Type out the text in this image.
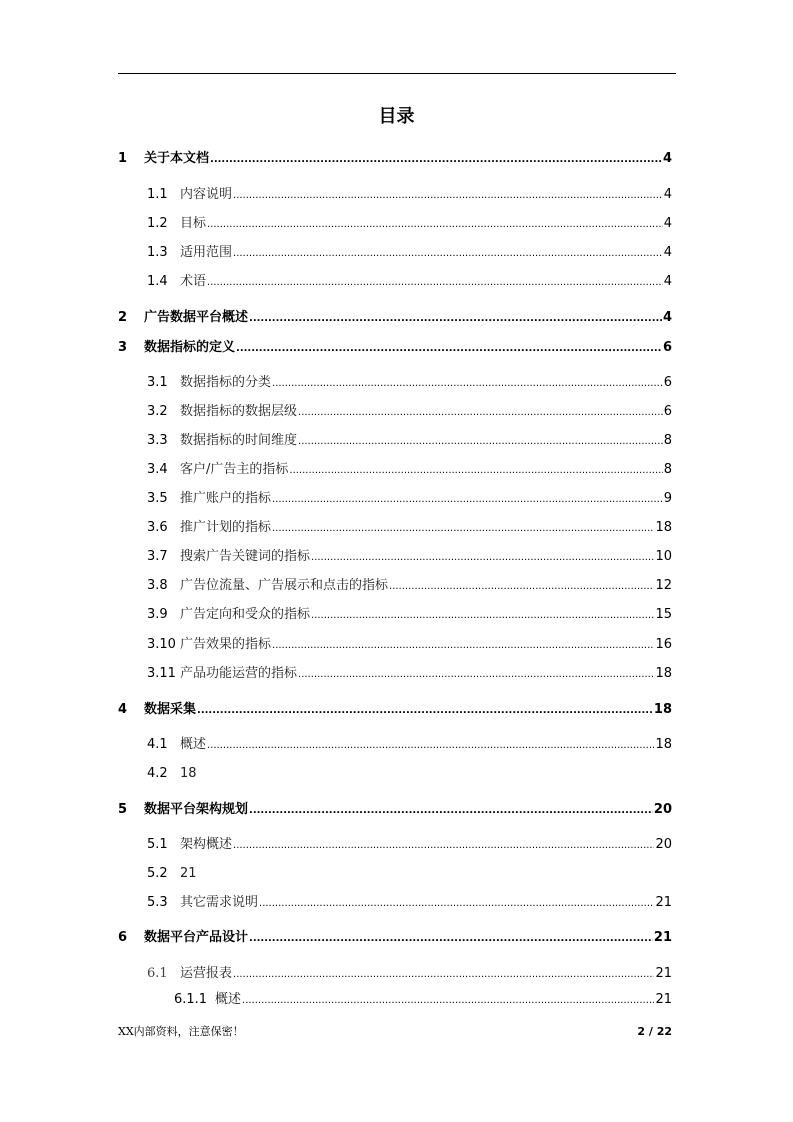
目录
1	关于本文档 .....	4
1.1 内容说明 .....	4
1.2 目标 .....	4
1.3 适用范围 .....	4
1.4 术语 .....	4
2	广告数据平台概述 .....	4
3	数据指标的定义 .....	6
3.1 数据指标的分类 .....	6
3.2 数据指标的数据层级 .....	6
3.3 数据指标的时间维度 .....	8
3.4 客户/广告主的指标 .....	8
3.5 推广账户的指标 .....	9
3.6 推广计划的指标 .....	18
3.7 搜索广告关键词的指标 .....	10
3.8 广告位流量、广告展示和点击的指标 .....	12
3.9 广告定向和受众的指标 .....	15
3.10 广告效果的指标 .....	16
3.11 产品功能运营的指标 .....	18
4	数据采集 .....	18
4.1 概述 .....	18
4.2 18
5	数据平台架构规划 .....	20
5.1 架构概述 .....	20
5.2 21
5.3 其它需求说明 .....	21
6	数据平台产品设计 .....	21
6.1 运营报表 .....	21
6.1.1 概述 .....	21
XX内部资料，注意保密！	2 / 22
